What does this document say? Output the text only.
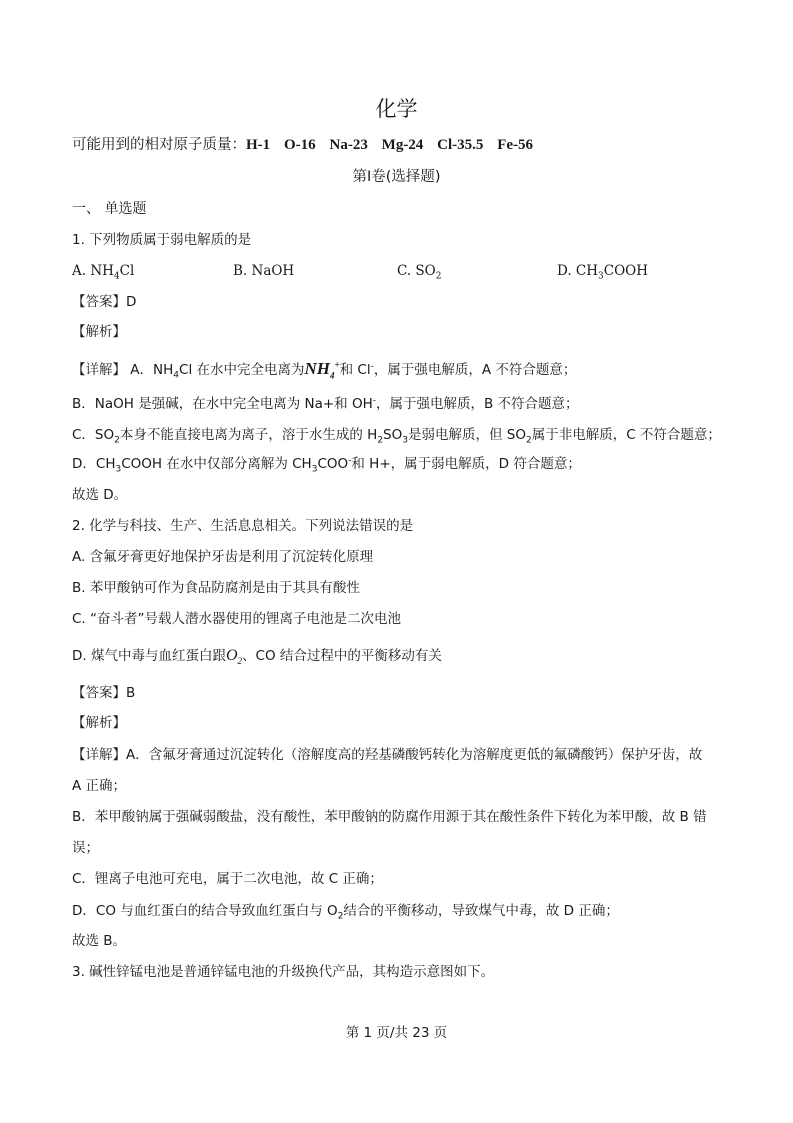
化学
可能用到的相对原子质量：H-1 O-16 Na-23 Mg-24 Cl-35.5 Fe-56
第Ⅰ卷(选择题)
一、 单选题
1. 下列物质属于弱电解质的是
A. $NH_4Cl$	B. NaOH	C. $SO_2$	D. $CH_3COOH$
【答案】D
【解析】
【详解】 A．$NH_4Cl$ 在水中完全电离为$NH_4^+$和 Cl-，属于强电解质，A 不符合题意；
B．NaOH 是强碱，在水中完全电离为 Na+和 OH-，属于强电解质，B 不符合题意；
C．$SO_2$本身不能直接电离为离子，溶于水生成的 $H_2SO_3$是弱电解质，但 $SO_2$属于非电解质，C 不符合题意；
D．$CH_3COOH$ 在水中仅部分离解为 $CH_3COO^-$和 H+，属于弱电解质，D 符合题意；
故选 D。
2. 化学与科技、生产、生活息息相关。下列说法错误的是
A. 含氟牙膏更好地保护牙齿是利用了沉淀转化原理
B. 苯甲酸钠可作为食品防腐剂是由于其具有酸性
C. “奋斗者”号载人潜水器使用的锂离子电池是二次电池
D. 煤气中毒与血红蛋白跟$O_2$、CO 结合过程中的平衡移动有关
【答案】B
【解析】
【详解】A．含氟牙膏通过沉淀转化（溶解度高的羟基磷酸钙转化为溶解度更低的氟磷酸钙）保护牙齿，故
A 正确；
B．苯甲酸钠属于强碱弱酸盐，没有酸性，苯甲酸钠的防腐作用源于其在酸性条件下转化为苯甲酸，故 B 错
误；
C．锂离子电池可充电，属于二次电池，故 C 正确；
D．CO 与血红蛋白的结合导致血红蛋白与 $O_2$结合的平衡移动，导致煤气中毒，故 D 正确；
故选 B。
3. 碱性锌锰电池是普通锌锰电池的升级换代产品，其构造示意图如下。
第 1 页/共 23 页
